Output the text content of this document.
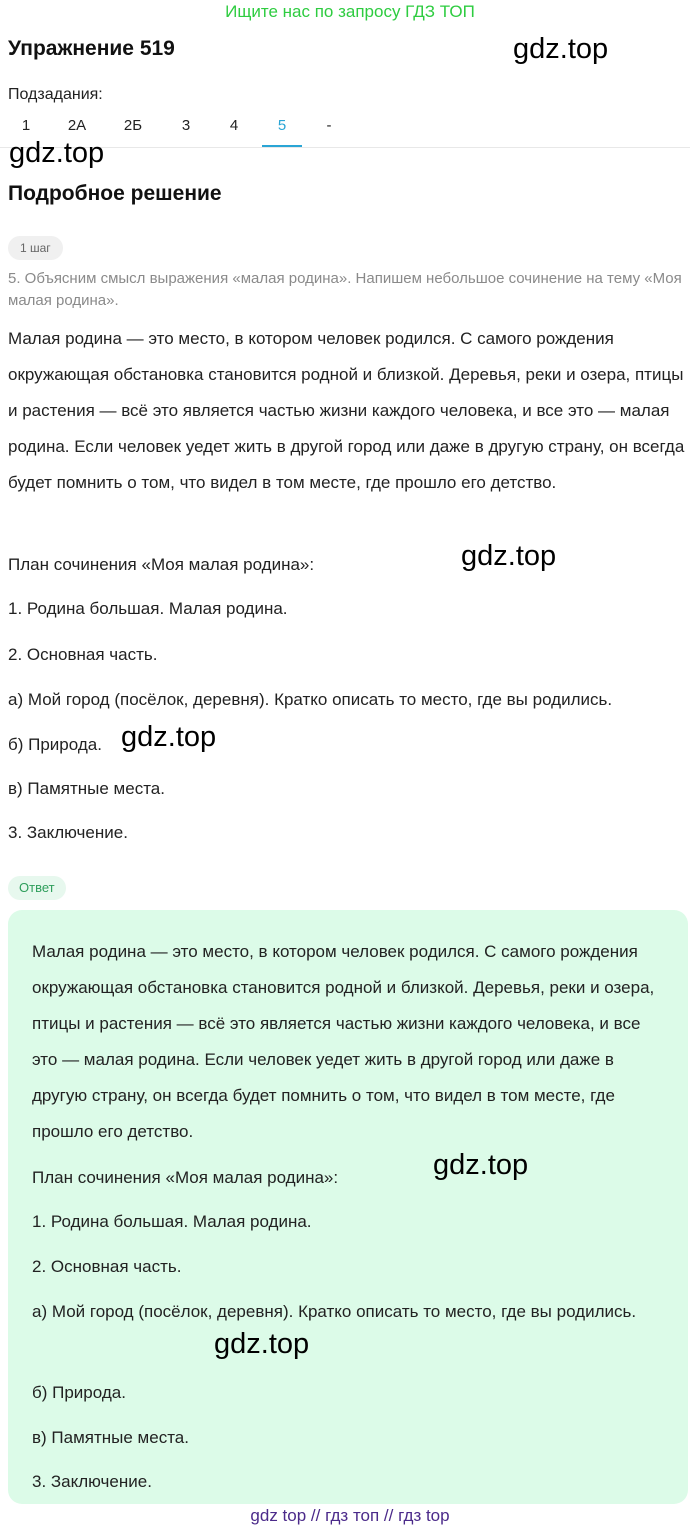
Ищите нас по запросу ГДЗ ТОП
Упражнение 519	gdz.top
Подзадания:
1	2А	2Б	3	4	5	-
gdz.top
Подробное решение
1 шаг
5. Объясним смысл выражения «малая родина». Напишем небольшое сочинение на тему «Моя малая родина».
Малая родина — это место, в котором человек родился. С самого рождения окружающая обстановка становится родной и близкой. Деревья, реки и озера, птицы и растения — всё это является частью жизни каждого человека, и все это — малая родина. Если человек уедет жить в другой город или даже в другую страну, он всегда будет помнить о том, что видел в том месте, где прошло его детство.
План сочинения «Моя малая родина»:	gdz.top
1. Родина большая. Малая родина.
2. Основная часть.
а) Мой город (посёлок, деревня). Кратко описать то место, где вы родились.
б) Природа. gdz.top
в) Памятные места.
3. Заключение.
Ответ
Малая родина — это место, в котором человек родился. С самого рождения окружающая обстановка становится родной и близкой. Деревья, реки и озера, птицы и растения — всё это является частью жизни каждого человека, и все это — малая родина. Если человек уедет жить в другой город или даже в другую страну, он всегда будет помнить о том, что видел в том месте, где прошло его детство.
План сочинения «Моя малая родина»:	gdz.top
1. Родина большая. Малая родина.
2. Основная часть.
а) Мой город (посёлок, деревня). Кратко описать то место, где вы родились.
gdz.top
б) Природа.
в) Памятные места.
3. Заключение.
gdz top // гдз топ // гдз top
